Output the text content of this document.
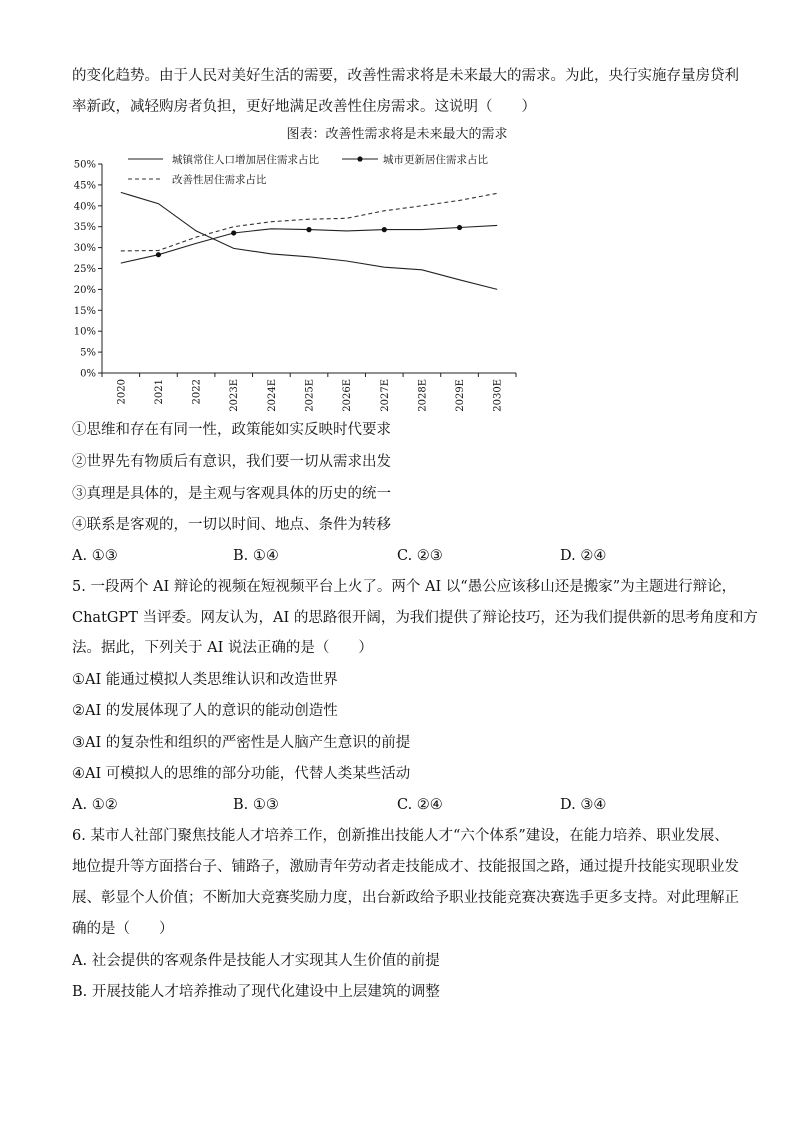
的变化趋势。由于人民对美好生活的需要，改善性需求将是未来最大的需求。为此，央行实施存量房贷利
率新政，减轻购房者负担，更好地满足改善性住房需求。这说明（　　）
图表：改善性需求将是未来最大的需求
0%
5%
10%
15%
20%
25%
30%
35%
40%
45%
50%
2020	2021	2022	2023E	2024E	2025E	2026E	2027E	2028E	2029E	2030E
城镇常住人口增加居住需求占比	城市更新居住需求占比
改善性居住需求占比
①思维和存在有同一性，政策能如实反映时代要求
②世界先有物质后有意识，我们要一切从需求出发
③真理是具体的，是主观与客观具体的历史的统一
④联系是客观的，一切以时间、地点、条件为转移
A. ①③	B. ①④	C. ②③	D. ②④
5. 一段两个 AI 辩论的视频在短视频平台上火了。两个 AI 以“愚公应该移山还是搬家”为主题进行辩论，
ChatGPT 当评委。网友认为，AI 的思路很开阔，为我们提供了辩论技巧，还为我们提供新的思考角度和方
法。据此，下列关于 AI 说法正确的是（　　）
①AI 能通过模拟人类思维认识和改造世界
②AI 的发展体现了人的意识的能动创造性
③AI 的复杂性和组织的严密性是人脑产生意识的前提
④AI 可模拟人的思维的部分功能，代替人类某些活动
A. ①②	B. ①③	C. ②④	D. ③④
6. 某市人社部门聚焦技能人才培养工作，创新推出技能人才“六个体系”建设，在能力培养、职业发展、
地位提升等方面搭台子、铺路子，激励青年劳动者走技能成才、技能报国之路，通过提升技能实现职业发
展、彰显个人价值；不断加大竞赛奖励力度，出台新政给予职业技能竞赛决赛选手更多支持。对此理解正
确的是（　　）
A. 社会提供的客观条件是技能人才实现其人生价值的前提
B. 开展技能人才培养推动了现代化建设中上层建筑的调整
